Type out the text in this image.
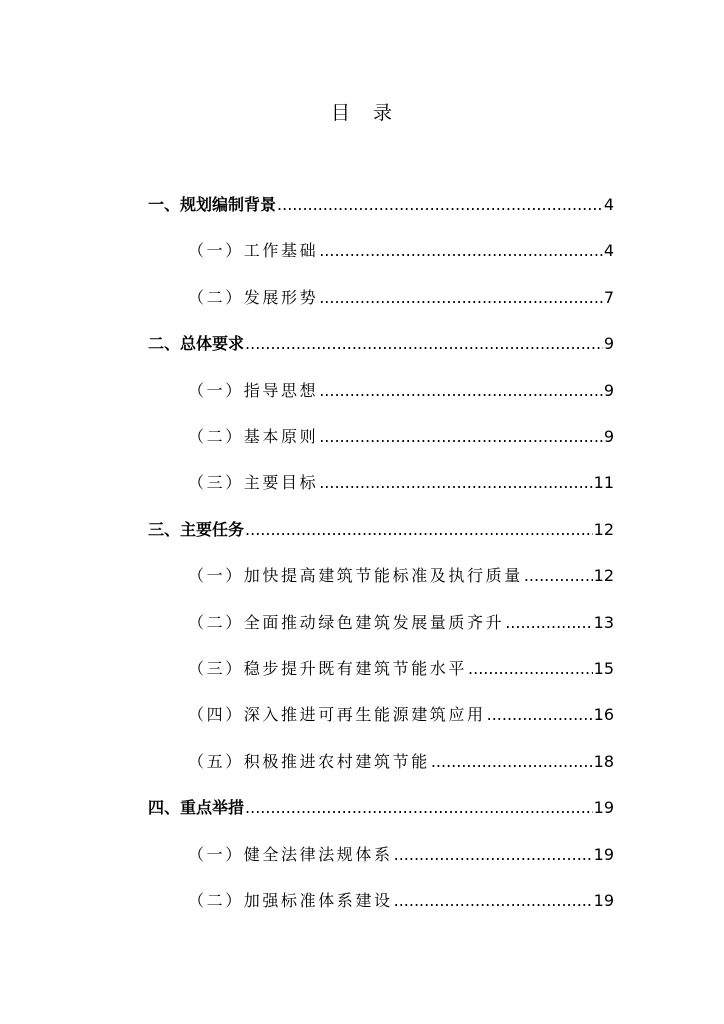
目 录
一、规划编制背景 .....	4
（一）工作基础 .....	4
（二）发展形势 .....	7
二、总体要求 .....	9
（一）指导思想 .....	9
（二）基本原则 .....	9
（三）主要目标 .....	11
三、主要任务 .....	12
（一）加快提高建筑节能标准及执行质量 .....	12
（二）全面推动绿色建筑发展量质齐升 .....	13
（三）稳步提升既有建筑节能水平 .....	15
（四）深入推进可再生能源建筑应用 .....	16
（五）积极推进农村建筑节能 .....	18
四、重点举措 .....	19
（一）健全法律法规体系 .....	19
（二）加强标准体系建设 .....	19
